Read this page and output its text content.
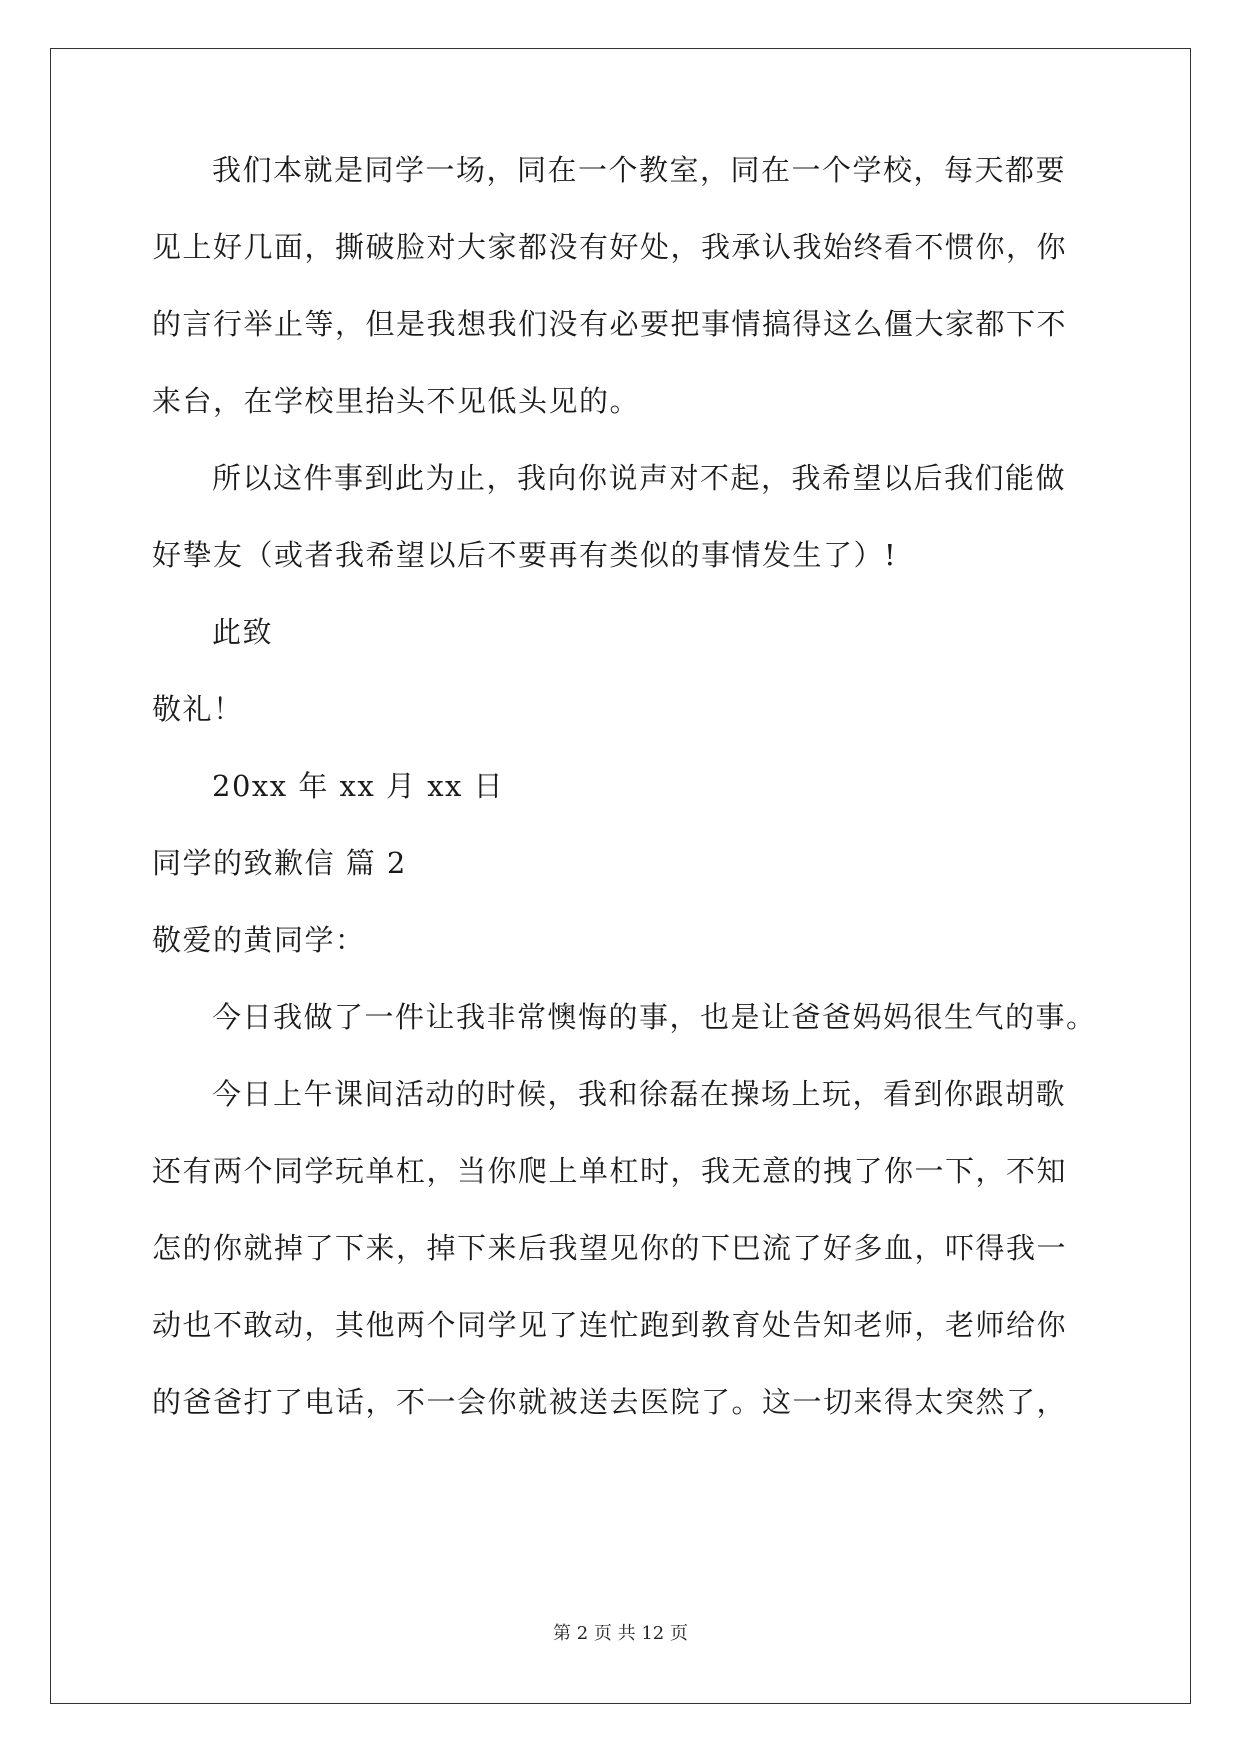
我们本就是同学一场，同在一个教室，同在一个学校，每天都要
见上好几面，撕破脸对大家都没有好处，我承认我始终看不惯你，你
的言行举止等，但是我想我们没有必要把事情搞得这么僵大家都下不
来台，在学校里抬头不见低头见的。
所以这件事到此为止，我向你说声对不起，我希望以后我们能做
好挚友（或者我希望以后不要再有类似的事情发生了）!
此致
敬礼！
20xx 年 xx 月 xx 日
同学的致歉信 篇 2
敬爱的黄同学：
今日我做了一件让我非常懊悔的事，也是让爸爸妈妈很生气的事。
今日上午课间活动的时候，我和徐磊在操场上玩，看到你跟胡歌
还有两个同学玩单杠，当你爬上单杠时，我无意的拽了你一下，不知
怎的你就掉了下来，掉下来后我望见你的下巴流了好多血，吓得我一
动也不敢动，其他两个同学见了连忙跑到教育处告知老师，老师给你
的爸爸打了电话，不一会你就被送去医院了。这一切来得太突然了，
第 2 页 共 12 页
